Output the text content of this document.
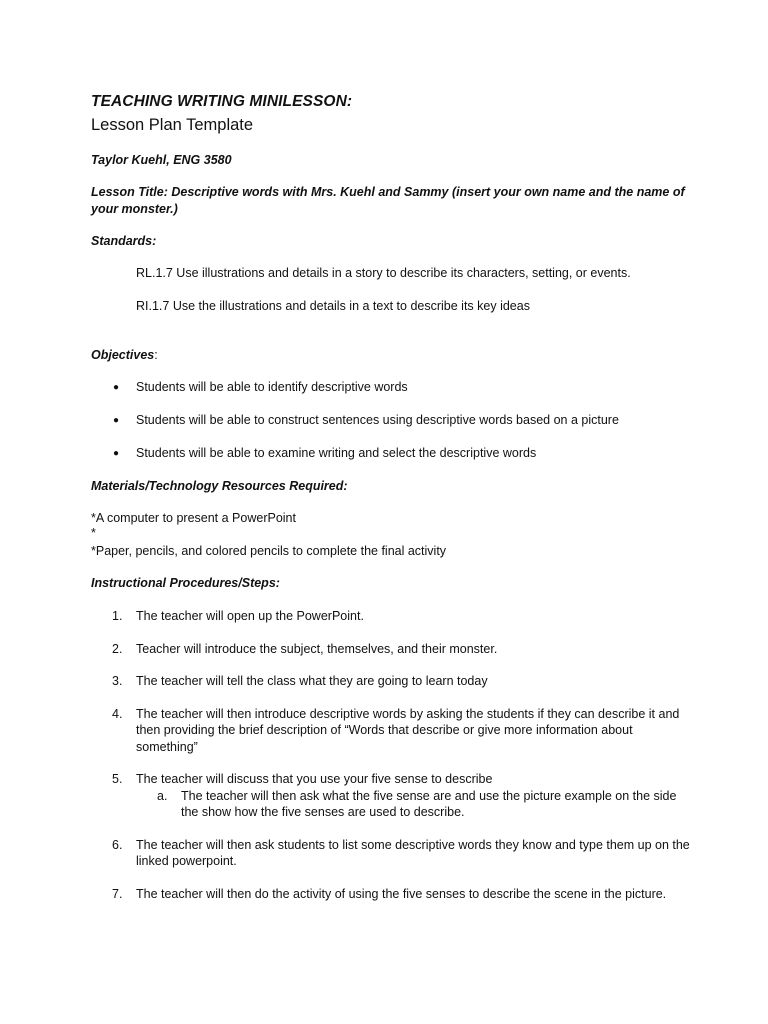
TEACHING WRITING MINILESSON:

Lesson Plan Template

Taylor Kuehl, ENG 3580

Lesson Title: Descriptive words with Mrs. Kuehl and Sammy (insert your own name and the name of your monster.)

Standards:

RL.1.7 Use illustrations and details in a story to describe its characters, setting, or events.

RI.1.7 Use the illustrations and details in a text to describe its key ideas

Objectives:

● Students will be able to identify descriptive words
● Students will be able to construct sentences using descriptive words based on a picture
● Students will be able to examine writing and select the descriptive words

Materials/Technology Resources Required:

*A computer to present a PowerPoint

*

*Paper, pencils, and colored pencils to complete the final activity

Instructional Procedures/Steps:

1. The teacher will open up the PowerPoint.
2. Teacher will introduce the subject, themselves, and their monster.
3. The teacher will tell the class what they are going to learn today
4. The teacher will then introduce descriptive words by asking the students if they can describe it and then providing the brief description of “Words that describe or give more information about something”
5. The teacher will discuss that you use your five sense to describe
a. The teacher will then ask what the five sense are and use the picture example on the side the show how the five senses are used to describe.
6. The teacher will then ask students to list some descriptive words they know and type them up on the linked powerpoint.
7. The teacher will then do the activity of using the five senses to describe the scene in the picture.
